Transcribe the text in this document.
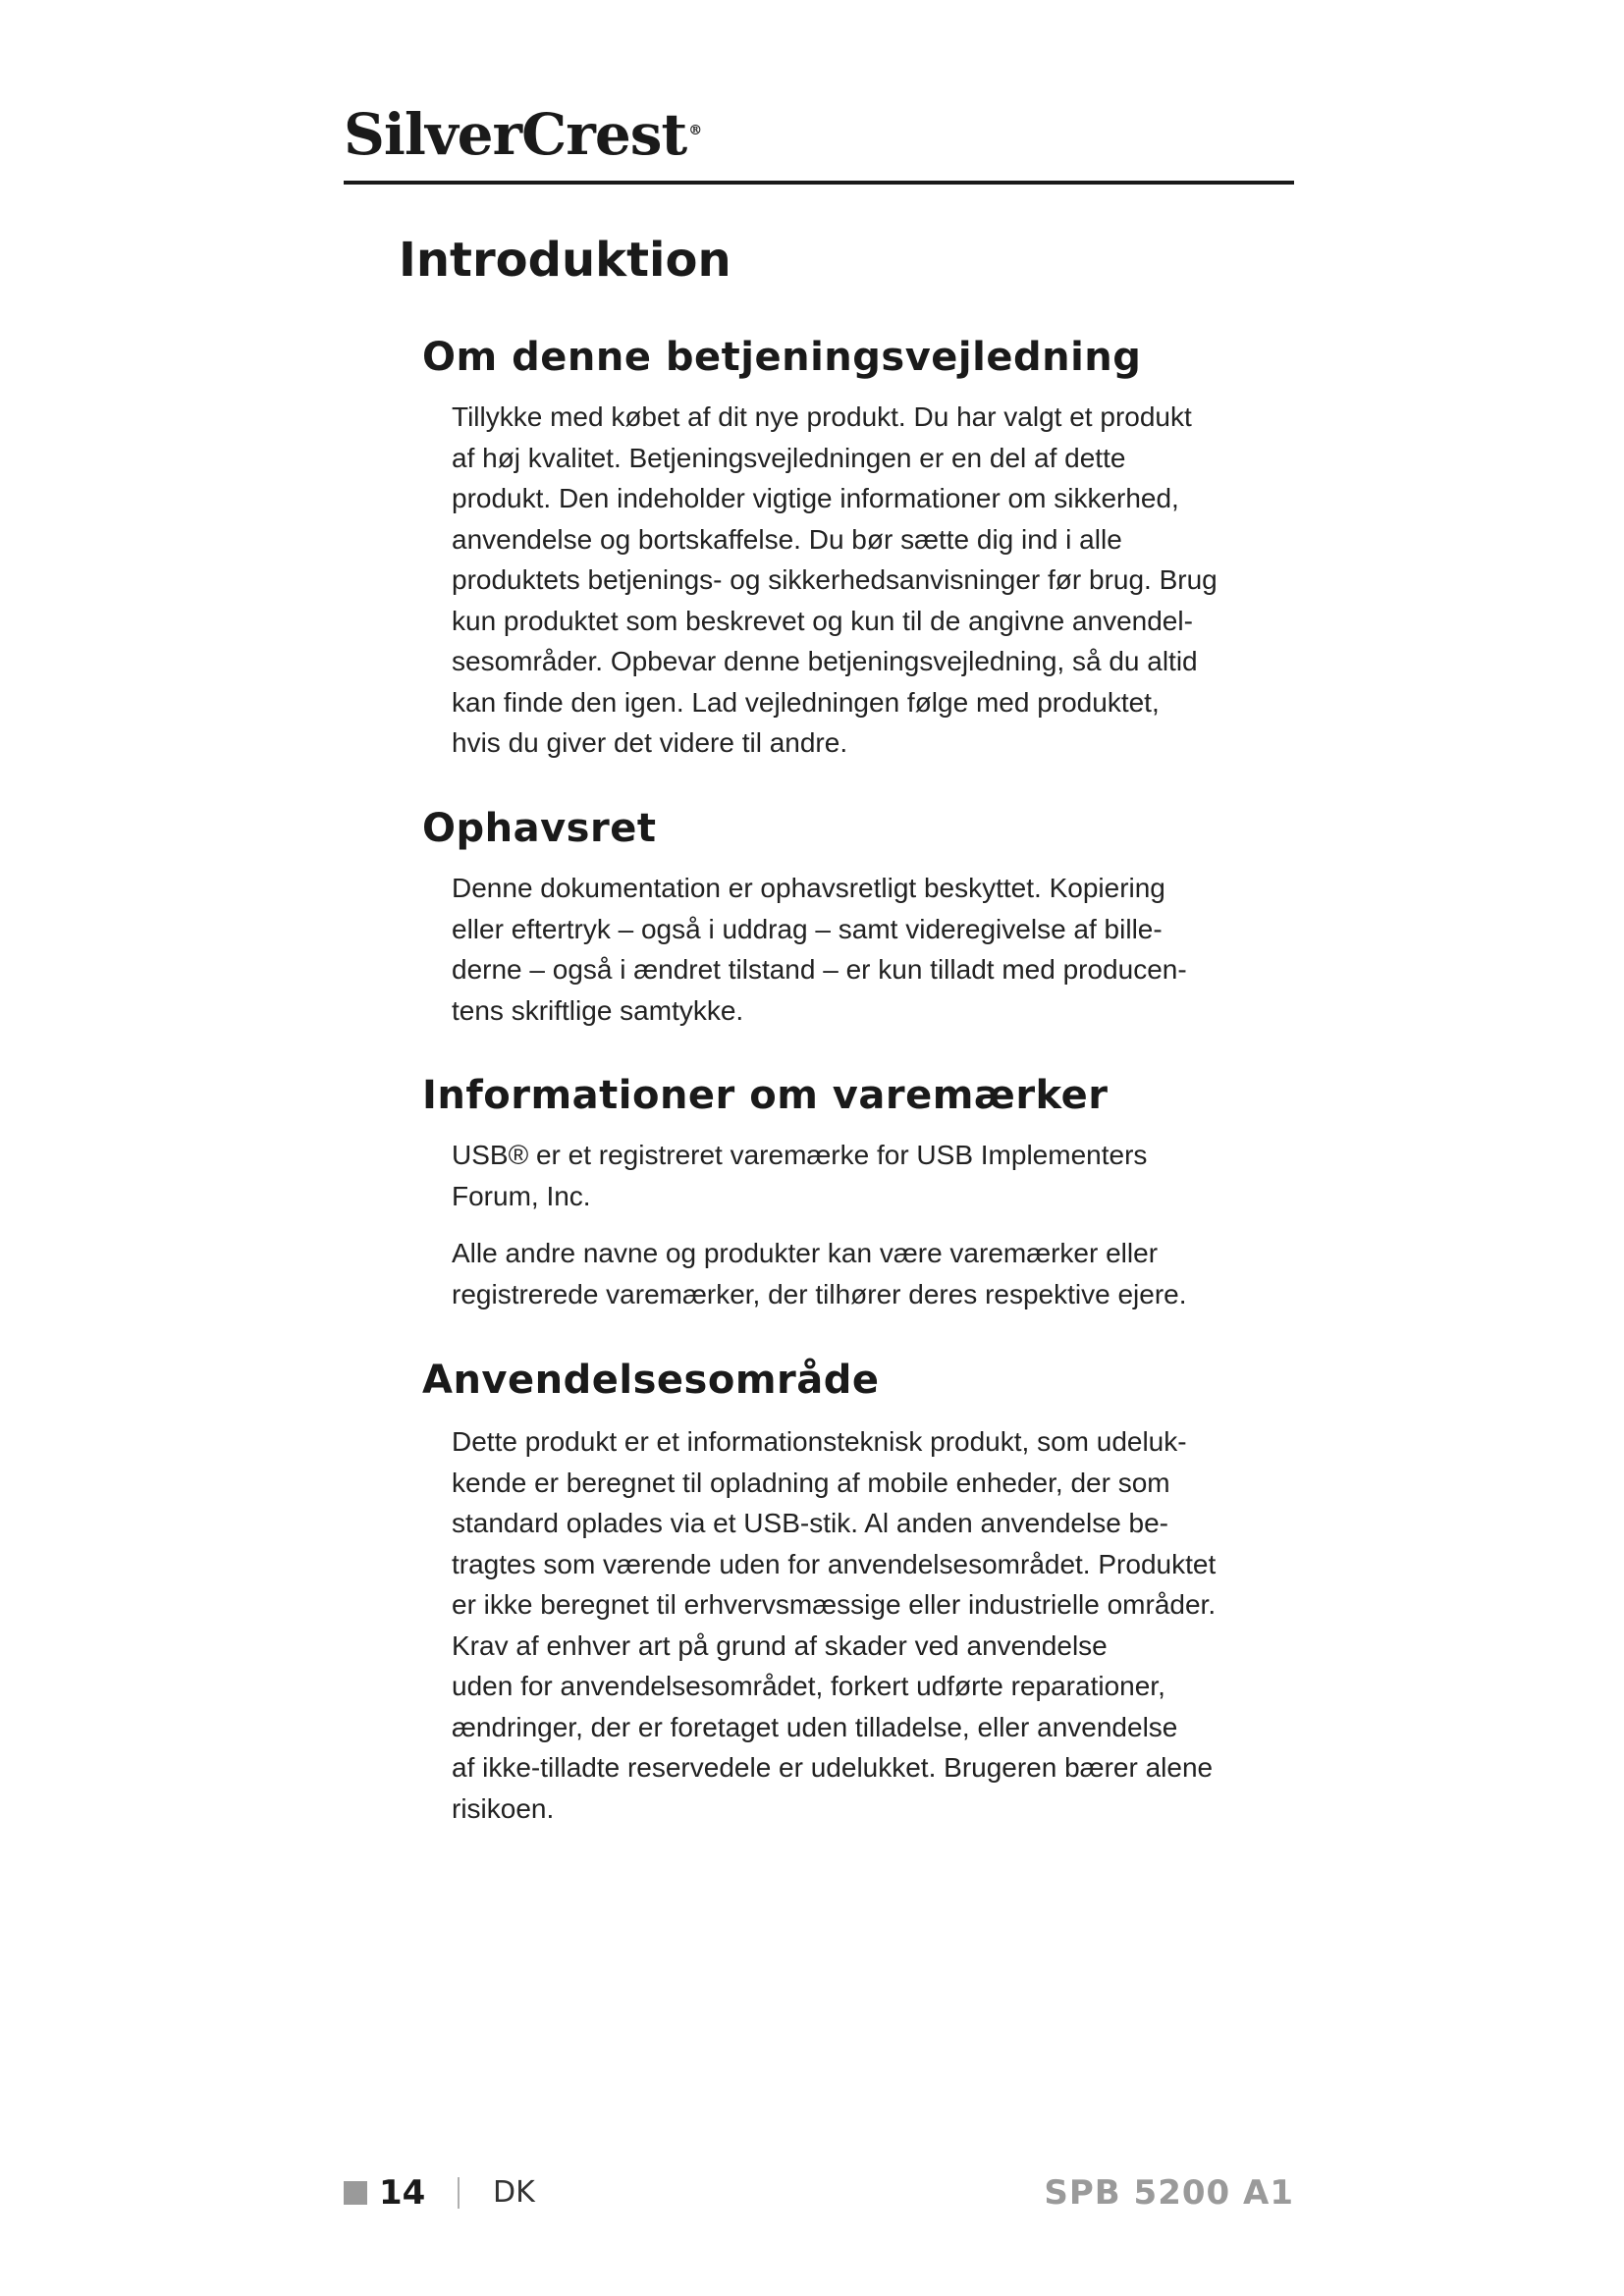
SilverCrest ®
Introduktion
Om denne betjeningsvejledning
Tillykke med købet af dit nye produkt. Du har valgt et produkt
af høj kvalitet. Betjeningsvejledningen er en del af dette
produkt. Den indeholder vigtige informationer om sikkerhed,
anvendelse og bortskaffelse. Du bør sætte dig ind i alle
produktets betjenings- og sikkerhedsanvisninger før brug. Brug
kun produktet som beskrevet og kun til de angivne anvendel-
sesområder. Opbevar denne betjeningsvejledning, så du altid
kan finde den igen. Lad vejledningen følge med produktet,
hvis du giver det videre til andre.
Ophavsret
Denne dokumentation er ophavsretligt beskyttet. Kopiering
eller eftertryk – også i uddrag – samt videregivelse af bille-
derne – også i ændret tilstand – er kun tilladt med producen-
tens skriftlige samtykke.
Informationer om varemærker
USB® er et registreret varemærke for USB Implementers
Forum, Inc.
Alle andre navne og produkter kan være varemærker eller
registrerede varemærker, der tilhører deres respektive ejere.
Anvendelsesområde
Dette produkt er et informationsteknisk produkt, som udeluk-
kende er beregnet til opladning af mobile enheder, der som
standard oplades via et USB-stik. Al anden anvendelse be-
tragtes som værende uden for anvendelsesområdet. Produktet
er ikke beregnet til erhvervsmæssige eller industrielle områder.
Krav af enhver art på grund af skader ved anvendelse
uden for anvendelsesområdet, forkert udførte reparationer,
ændringer, der er foretaget uden tilladelse, eller anvendelse
af ikke-tilladte reservedele er udelukket. Brugeren bærer alene
risikoen.
14 DK	SPB 5200 A1
